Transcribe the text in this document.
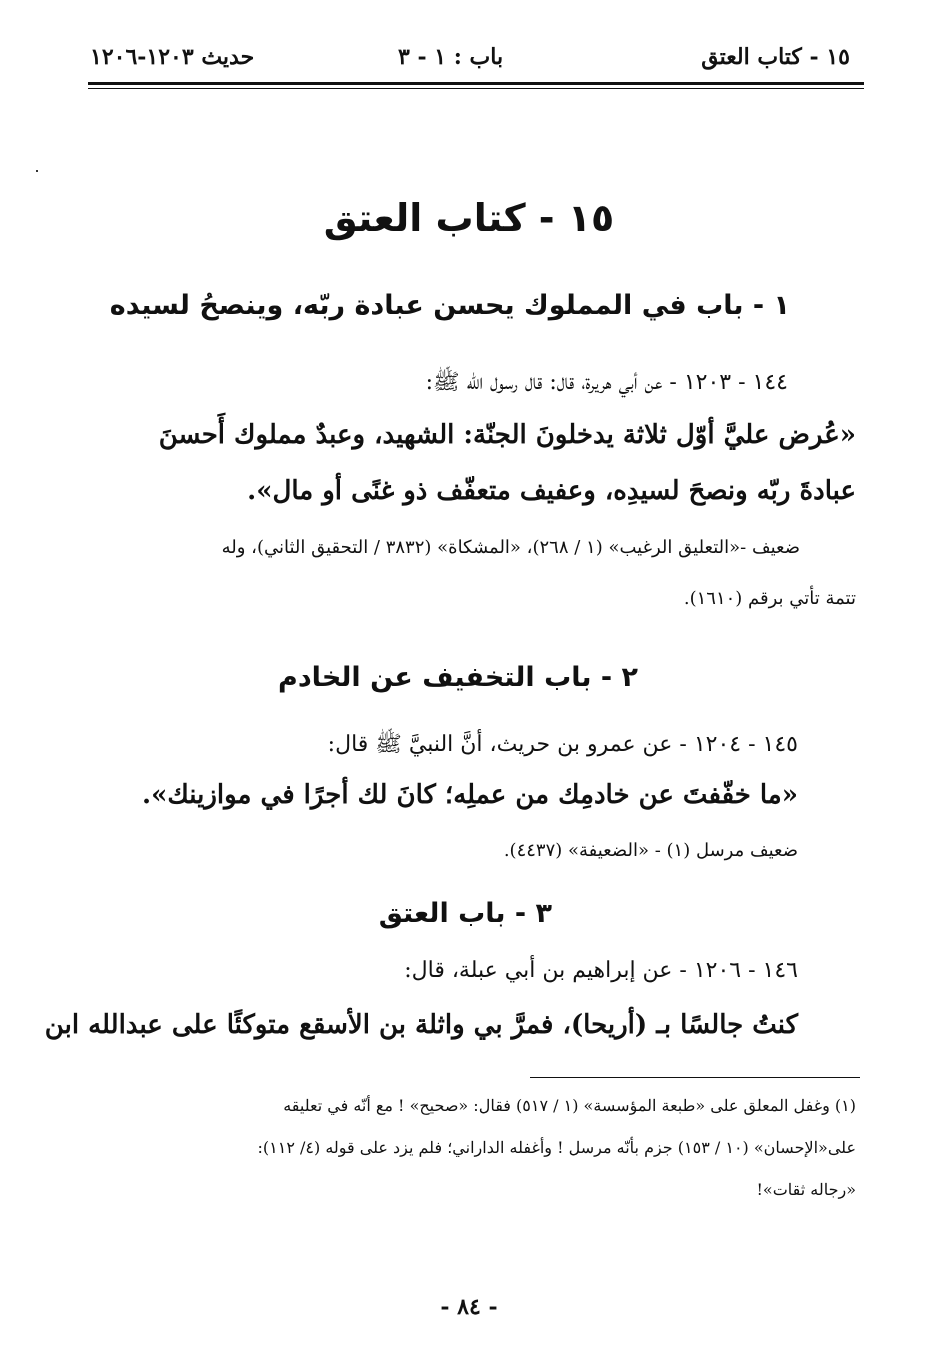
١٥ - كتاب العتق
باب : ١ - ٣
حديث ١٢٠٣-١٢٠٦
١٥ - كتاب العتق
١ - باب في المملوك يحسن عبادة ربّه، وينصحُ لسيده
١٤٤ - ١٢٠٣ - عن أبي هريرة، قال: قال رسول الله ﷺ:
«عُرض عليَّ أوّل ثلاثة يدخلونَ الجنّة: الشهيد، وعبدٌ مملوك أَحسنَ
عبادةَ ربّه ونصحَ لسيدِه، وعفيف متعفّف ذو غنًى أو مال».
ضعيف -«التعليق الرغيب» (١ / ٢٦٨)، «المشكاة» (٣٨٣٢ / التحقيق الثاني)، وله
تتمة تأتي برقم (١٦١٠).
٢ - باب التخفيف عن الخادم
١٤٥ - ١٢٠٤ - عن عمرو بن حريث، أنَّ النبيَّ ﷺ قال:
«ما خفّفتَ عن خادمِك من عملِه؛ كانَ لك أجرًا في موازينك».
ضعيف مرسل (١) - «الضعيفة» (٤٤٣٧).
٣ - باب العتق
١٤٦ - ١٢٠٦ - عن إبراهيم بن أبي عبلة، قال:
كنتُ جالسًا بـ (أريحا)، فمرَّ بي واثلة بن الأسقع متوكئًا على عبدالله ابن
(١) وغفل المعلق على «طبعة المؤسسة» (١ / ٥١٧) فقال: «صحيح» ! مع أنّه في تعليقه
على«الإحسان» (١٠ / ١٥٣) جزم بأنّه مرسل ! وأغفله الداراني؛ فلم يزد على قوله (٤/ ١١٢):
«رجاله ثقات»!
- ٨٤ -
